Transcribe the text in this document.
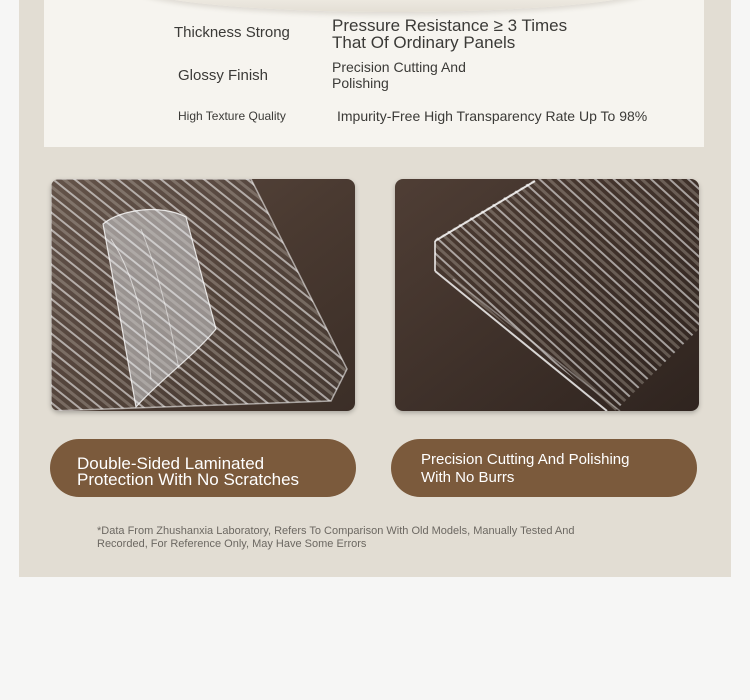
Thickness Strong Pressure Resistance ≥ 3 Times
That Of Ordinary Panels
Glossy Finish	Precision Cutting And
Polishing
High Texture Quality	Impurity-Free High Transparency Rate Up To 98%
Double-Sided Laminated
Protection With No Scratches
Precision Cutting And Polishing
With No Burrs
*Data From Zhushanxia Laboratory, Refers To Comparison With Old Models, Manually Tested And
Recorded, For Reference Only, May Have Some Errors
